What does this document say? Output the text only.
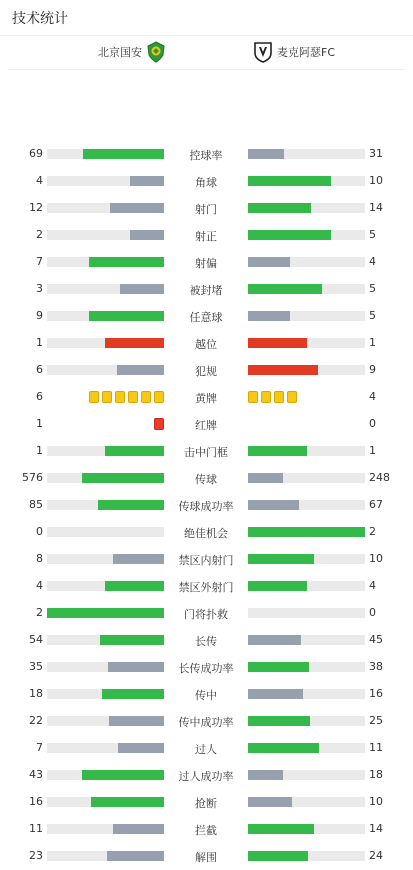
技术统计
北京国安	麦克阿瑟FC
69	控球率	31
4	角球	10
12	射门	14
2	射正	5
7	射偏	4
3	被封堵	5
9	任意球	5
1	越位	1
6	犯规	9
6	黄牌	4
1	红牌	0
1	击中门框	1
576	传球	248
85	传球成功率	67
0	绝佳机会	2
8	禁区内射门	10
4	禁区外射门	4
2	门将扑救	0
54	长传	45
35	长传成功率	38
18	传中	16
22	传中成功率	25
7	过人	11
43	过人成功率	18
16	抢断	10
11	拦截	14
23	解围	24
